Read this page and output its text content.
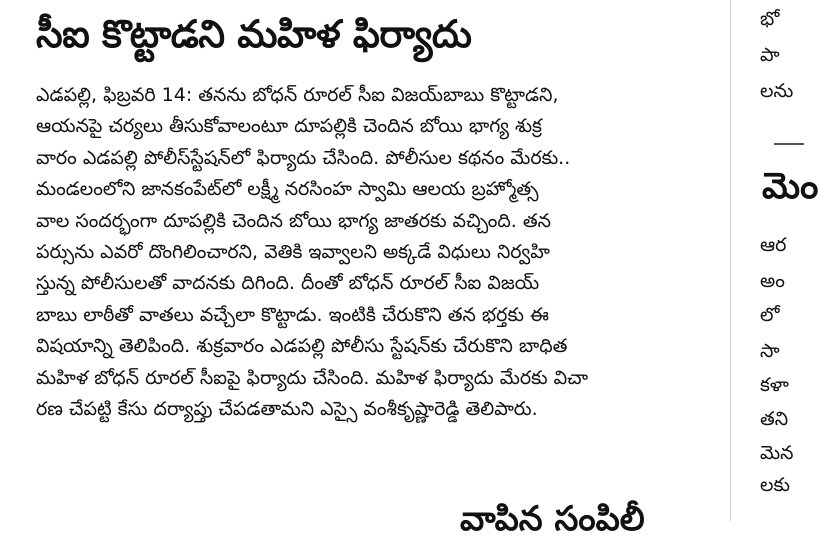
సీఐ కొట్టాడని మహిళ ఫిర్యాదు
ఎడపల్లి, ఫిబ్రవరి 14: తనను బోధన్ రూరల్ సీఐ విజయ్‌బాబు కొట్టాడని,
ఆయనపై చర్యలు తీసుకోవాలంటూ దూపల్లికి చెందిన బోయి భాగ్య శుక్ర
వారం ఎడపల్లి పోలీస్‌స్టేషన్‌లో ఫిర్యాదు చేసింది. పోలీసుల కథనం మేరకు..
మండలంలోని జానకంపేట్‌లో లక్ష్మీ నరసింహ స్వామి ఆలయ బ్రహ్మోత్స
వాల సందర్భంగా దూపల్లికి చెందిన బోయి భాగ్య జాతరకు వచ్చింది. తన
పర్సును ఎవరో దొంగిలించారని, వెతికి ఇవ్వాలని అక్కడే విధులు నిర్వహి
స్తున్న పోలీసులతో వాదనకు దిగింది. దీంతో బోధన్ రూరల్ సీఐ విజయ్
బాబు లాఠీతో వాతలు వచ్చేలా కొట్టాడు. ఇంటికి చేరుకొని తన భర్తకు ఈ
విషయాన్ని తెలిపింది. శుక్రవారం ఎడపల్లి పోలీసు స్టేషన్‌కు చేరుకొని బాధిత
మహిళ బోధన్ రూరల్ సీఐపై ఫిర్యాదు చేసింది. మహిళ ఫిర్యాదు మేరకు విచా
రణ చేపట్టి కేసు దర్యాప్తు చేపడతామని ఎస్సై వంశీకృష్ణారెడ్డి తెలిపారు.
వాపిన సంపిలీ
భో
పా
లను
మెం
ఆర
అం
లో
సా
కళా
తని
మెన
లకు
